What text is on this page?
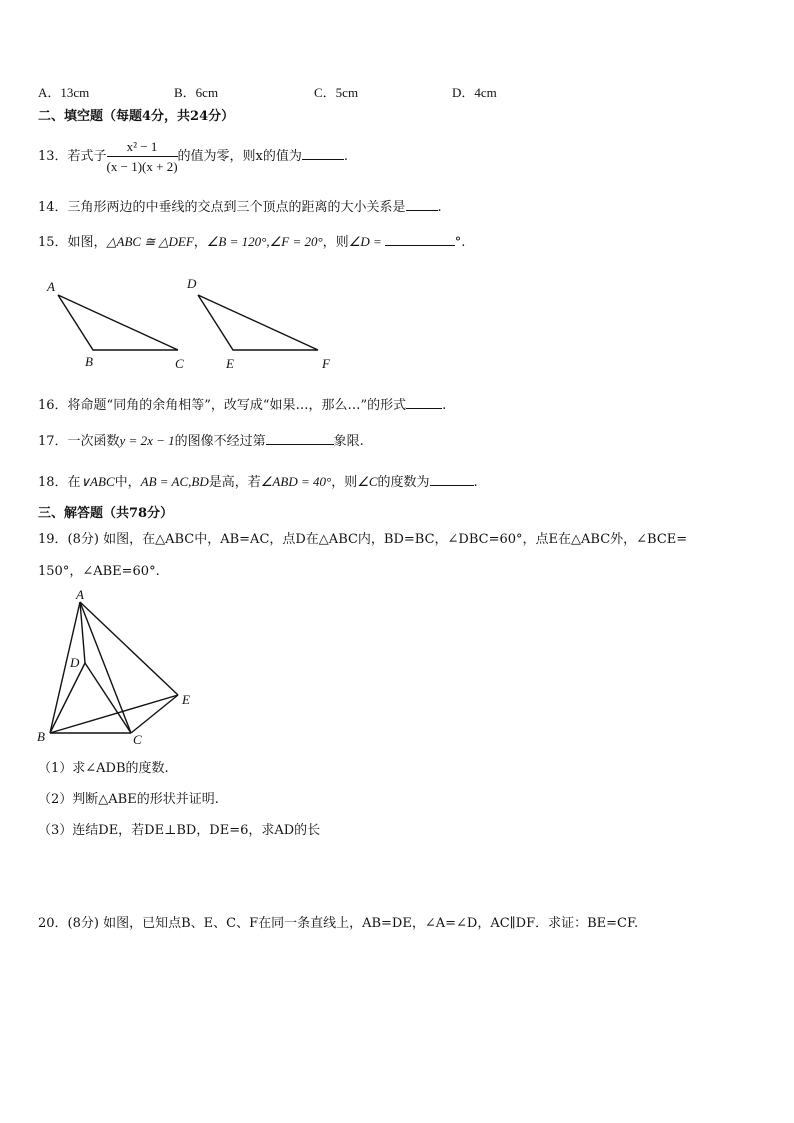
A．13cm	B．6cm	C．5cm	D．4cm
二、填空题（每题4分，共24分）
13．若式子 $\frac{\text{x² − 1}}{(x - 1)(x + 2)}$ 的值为零，则x的值为	.
14．三角形两边的中垂线的交点到三个顶点的距离的大小关系是 .
15．如图，△ABC ≅ △DEF，∠B = 120°,∠F = 20°，则∠D =	°.
A
B	C
D
E	F
16．将命题“同角的余角相等”，改写成“如果…，那么…”的形式	.
17．一次函数y = 2x − 1的图像不经过第	象限.
18．在∨ABC中，AB = AC,BD是高，若∠ABD = 40°，则∠C的度数为	.
三、解答题（共78分）
19．(8分) 如图，在△ABC中，AB=AC，点D在△ABC内，BD=BC，∠DBC=60°，点E在△ABC外，∠BCE=
150°，∠ABE=60°.
A
B	C
D
E
（1）求∠ADB的度数.
（2）判断△ABE的形状并证明.
（3）连结DE，若DE⊥BD，DE=6，求AD的长
20．(8分) 如图，已知点B、E、C、F在同一条直线上，AB=DE，∠A=∠D，AC∥DF．求证：BE=CF.
